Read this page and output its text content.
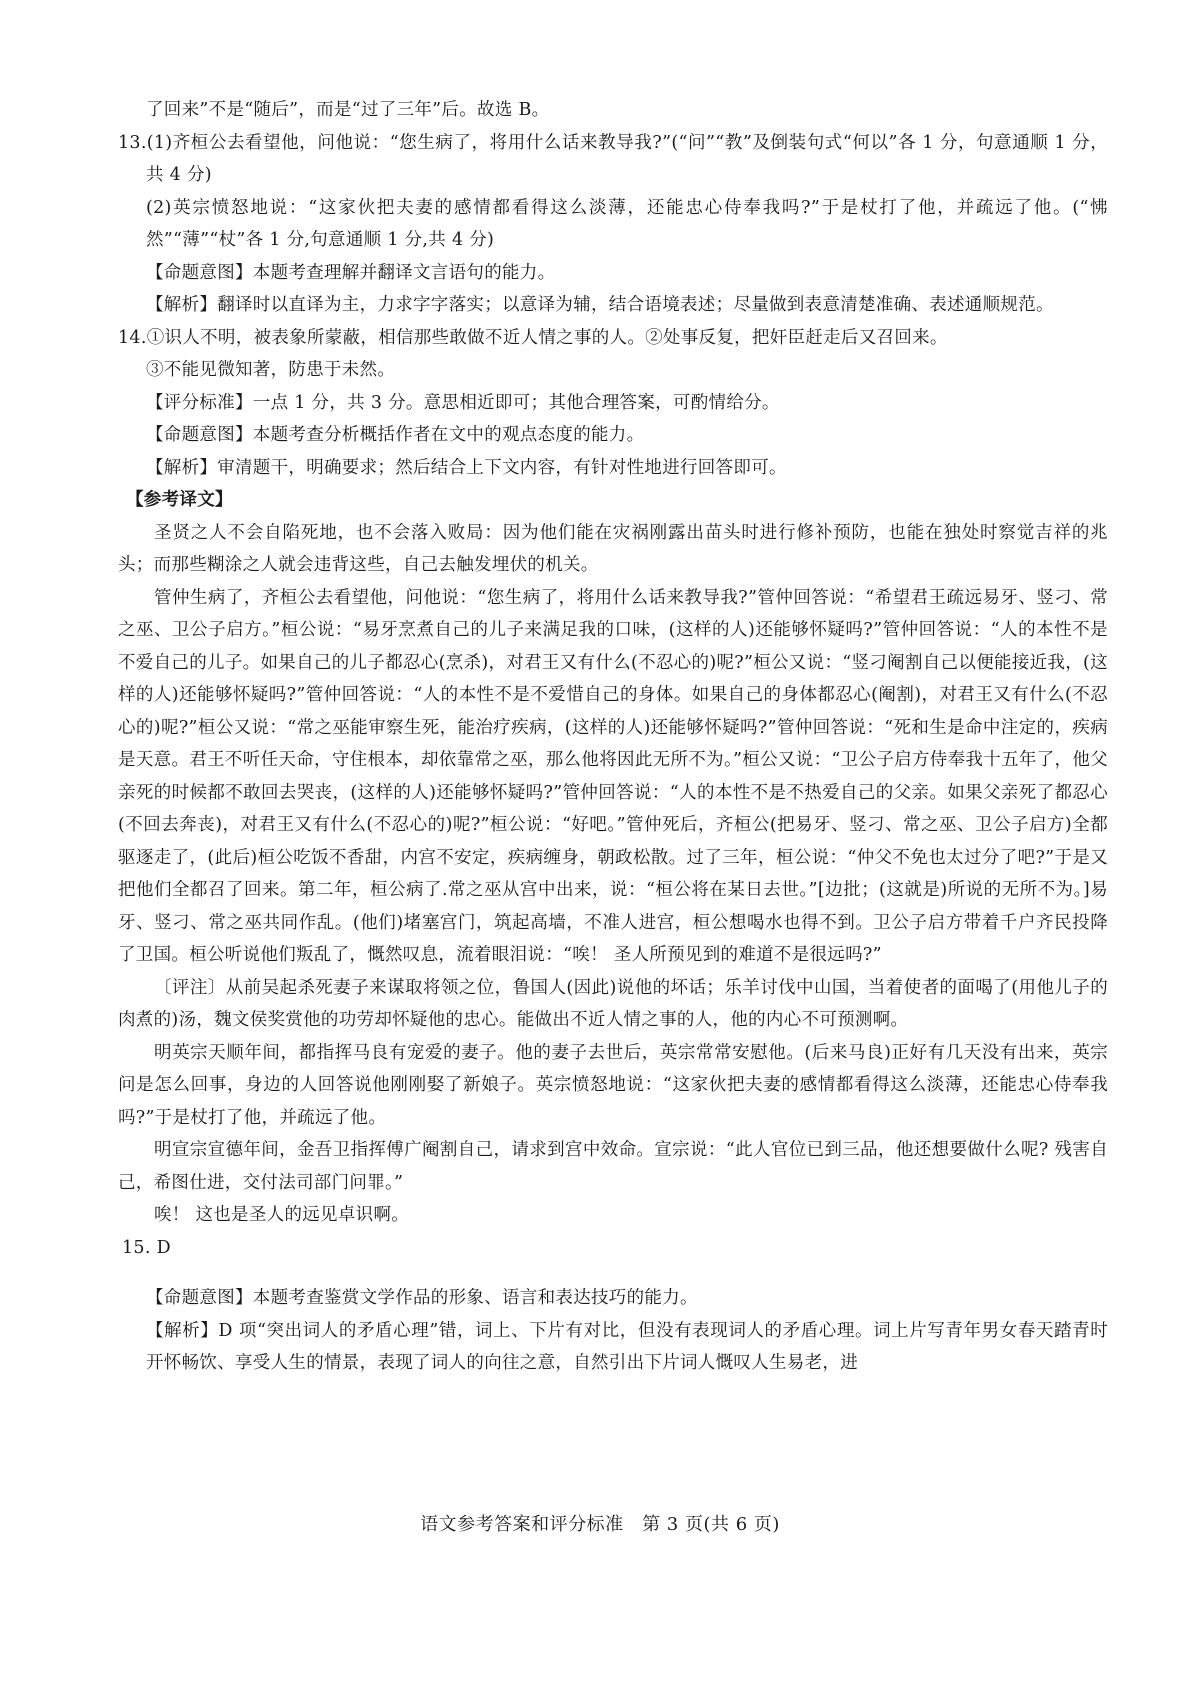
了回来”不是“随后”，而是“过了三年”后。故选 B。

13.(1)齐桓公去看望他，问他说：“您生病了，将用什么话来教导我?”(“问”“教”及倒装句式“何以”各 1 分，句意通顺 1 分，共 4 分)

(2)英宗愤怒地说：“这家伙把夫妻的感情都看得这么淡薄，还能忠心侍奉我吗?”于是杖打了他，并疏远了他。(“怫然”“薄”“杖”各 1 分,句意通顺 1 分,共 4 分)

【命题意图】本题考查理解并翻译文言语句的能力。

【解析】翻译时以直译为主，力求字字落实；以意译为辅，结合语境表述；尽量做到表意清楚准确、表述通顺规范。

14.①识人不明，被表象所蒙蔽，相信那些敢做不近人情之事的人。②处事反复，把奸臣赶走后又召回来。

③不能见微知著，防患于未然。

【评分标准】一点 1 分，共 3 分。意思相近即可；其他合理答案，可酌情给分。

【命题意图】本题考查分析概括作者在文中的观点态度的能力。

【解析】审清题干，明确要求；然后结合上下文内容，有针对性地进行回答即可。

【参考译文】

圣贤之人不会自陷死地，也不会落入败局：因为他们能在灾祸刚露出苗头时进行修补预防，也能在独处时察觉吉祥的兆头；而那些糊涂之人就会违背这些，自己去触发埋伏的机关。

管仲生病了，齐桓公去看望他，问他说：“您生病了，将用什么话来教导我?”管仲回答说：“希望君王疏远易牙、竖刁、常之巫、卫公子启方。”桓公说：“易牙烹煮自己的儿子来满足我的口味，(这样的人)还能够怀疑吗?”管仲回答说：“人的本性不是不爱自己的儿子。如果自己的儿子都忍心(烹杀)，对君王又有什么(不忍心的)呢?”桓公又说：“竖刁阉割自己以便能接近我，(这样的人)还能够怀疑吗?”管仲回答说：“人的本性不是不爱惜自己的身体。如果自己的身体都忍心(阉割)，对君王又有什么(不忍心的)呢?”桓公又说：“常之巫能审察生死，能治疗疾病，(这样的人)还能够怀疑吗?”管仲回答说：“死和生是命中注定的，疾病是天意。君王不听任天命，守住根本，却依靠常之巫，那么他将因此无所不为。”桓公又说：“卫公子启方侍奉我十五年了，他父亲死的时候都不敢回去哭丧，(这样的人)还能够怀疑吗?”管仲回答说：“人的本性不是不热爱自己的父亲。如果父亲死了都忍心(不回去奔丧)，对君王又有什么(不忍心的)呢?”桓公说：“好吧。”管仲死后，齐桓公(把易牙、竖刁、常之巫、卫公子启方)全都驱逐走了，(此后)桓公吃饭不香甜，内宫不安定，疾病缠身，朝政松散。过了三年，桓公说：“仲父不免也太过分了吧?”于是又把他们全都召了回来。第二年，桓公病了.常之巫从宫中出来，说：“桓公将在某日去世。”[边批；(这就是)所说的无所不为。]易牙、竖刁、常之巫共同作乱。(他们)堵塞宫门，筑起高墙，不准人进宫，桓公想喝水也得不到。卫公子启方带着千户齐民投降了卫国。桓公听说他们叛乱了，慨然叹息，流着眼泪说：“唉！ 圣人所预见到的难道不是很远吗?”

〔评注〕从前吴起杀死妻子来谋取将领之位，鲁国人(因此)说他的坏话；乐羊讨伐中山国，当着使者的面喝了(用他儿子的肉煮的)汤，魏文侯奖赏他的功劳却怀疑他的忠心。能做出不近人情之事的人，他的内心不可预测啊。

明英宗天顺年间，都指挥马良有宠爱的妻子。他的妻子去世后，英宗常常安慰他。(后来马良)正好有几天没有出来，英宗问是怎么回事，身边的人回答说他刚刚娶了新娘子。英宗愤怒地说：“这家伙把夫妻的感情都看得这么淡薄，还能忠心侍奉我吗?”于是杖打了他，并疏远了他。

明宣宗宣德年间，金吾卫指挥傅广阉割自己，请求到宫中效命。宣宗说：“此人官位已到三品，他还想要做什么呢? 残害自己，希图仕进，交付法司部门问罪。”

唉！ 这也是圣人的远见卓识啊。

15. D

【命题意图】本题考查鉴赏文学作品的形象、语言和表达技巧的能力。

【解析】D 项“突出词人的矛盾心理”错，词上、下片有对比，但没有表现词人的矛盾心理。词上片写青年男女春天踏青时开怀畅饮、享受人生的情景，表现了词人的向往之意，自然引出下片词人慨叹人生易老，进

语文参考答案和评分标准　第 3 页(共 6 页)
